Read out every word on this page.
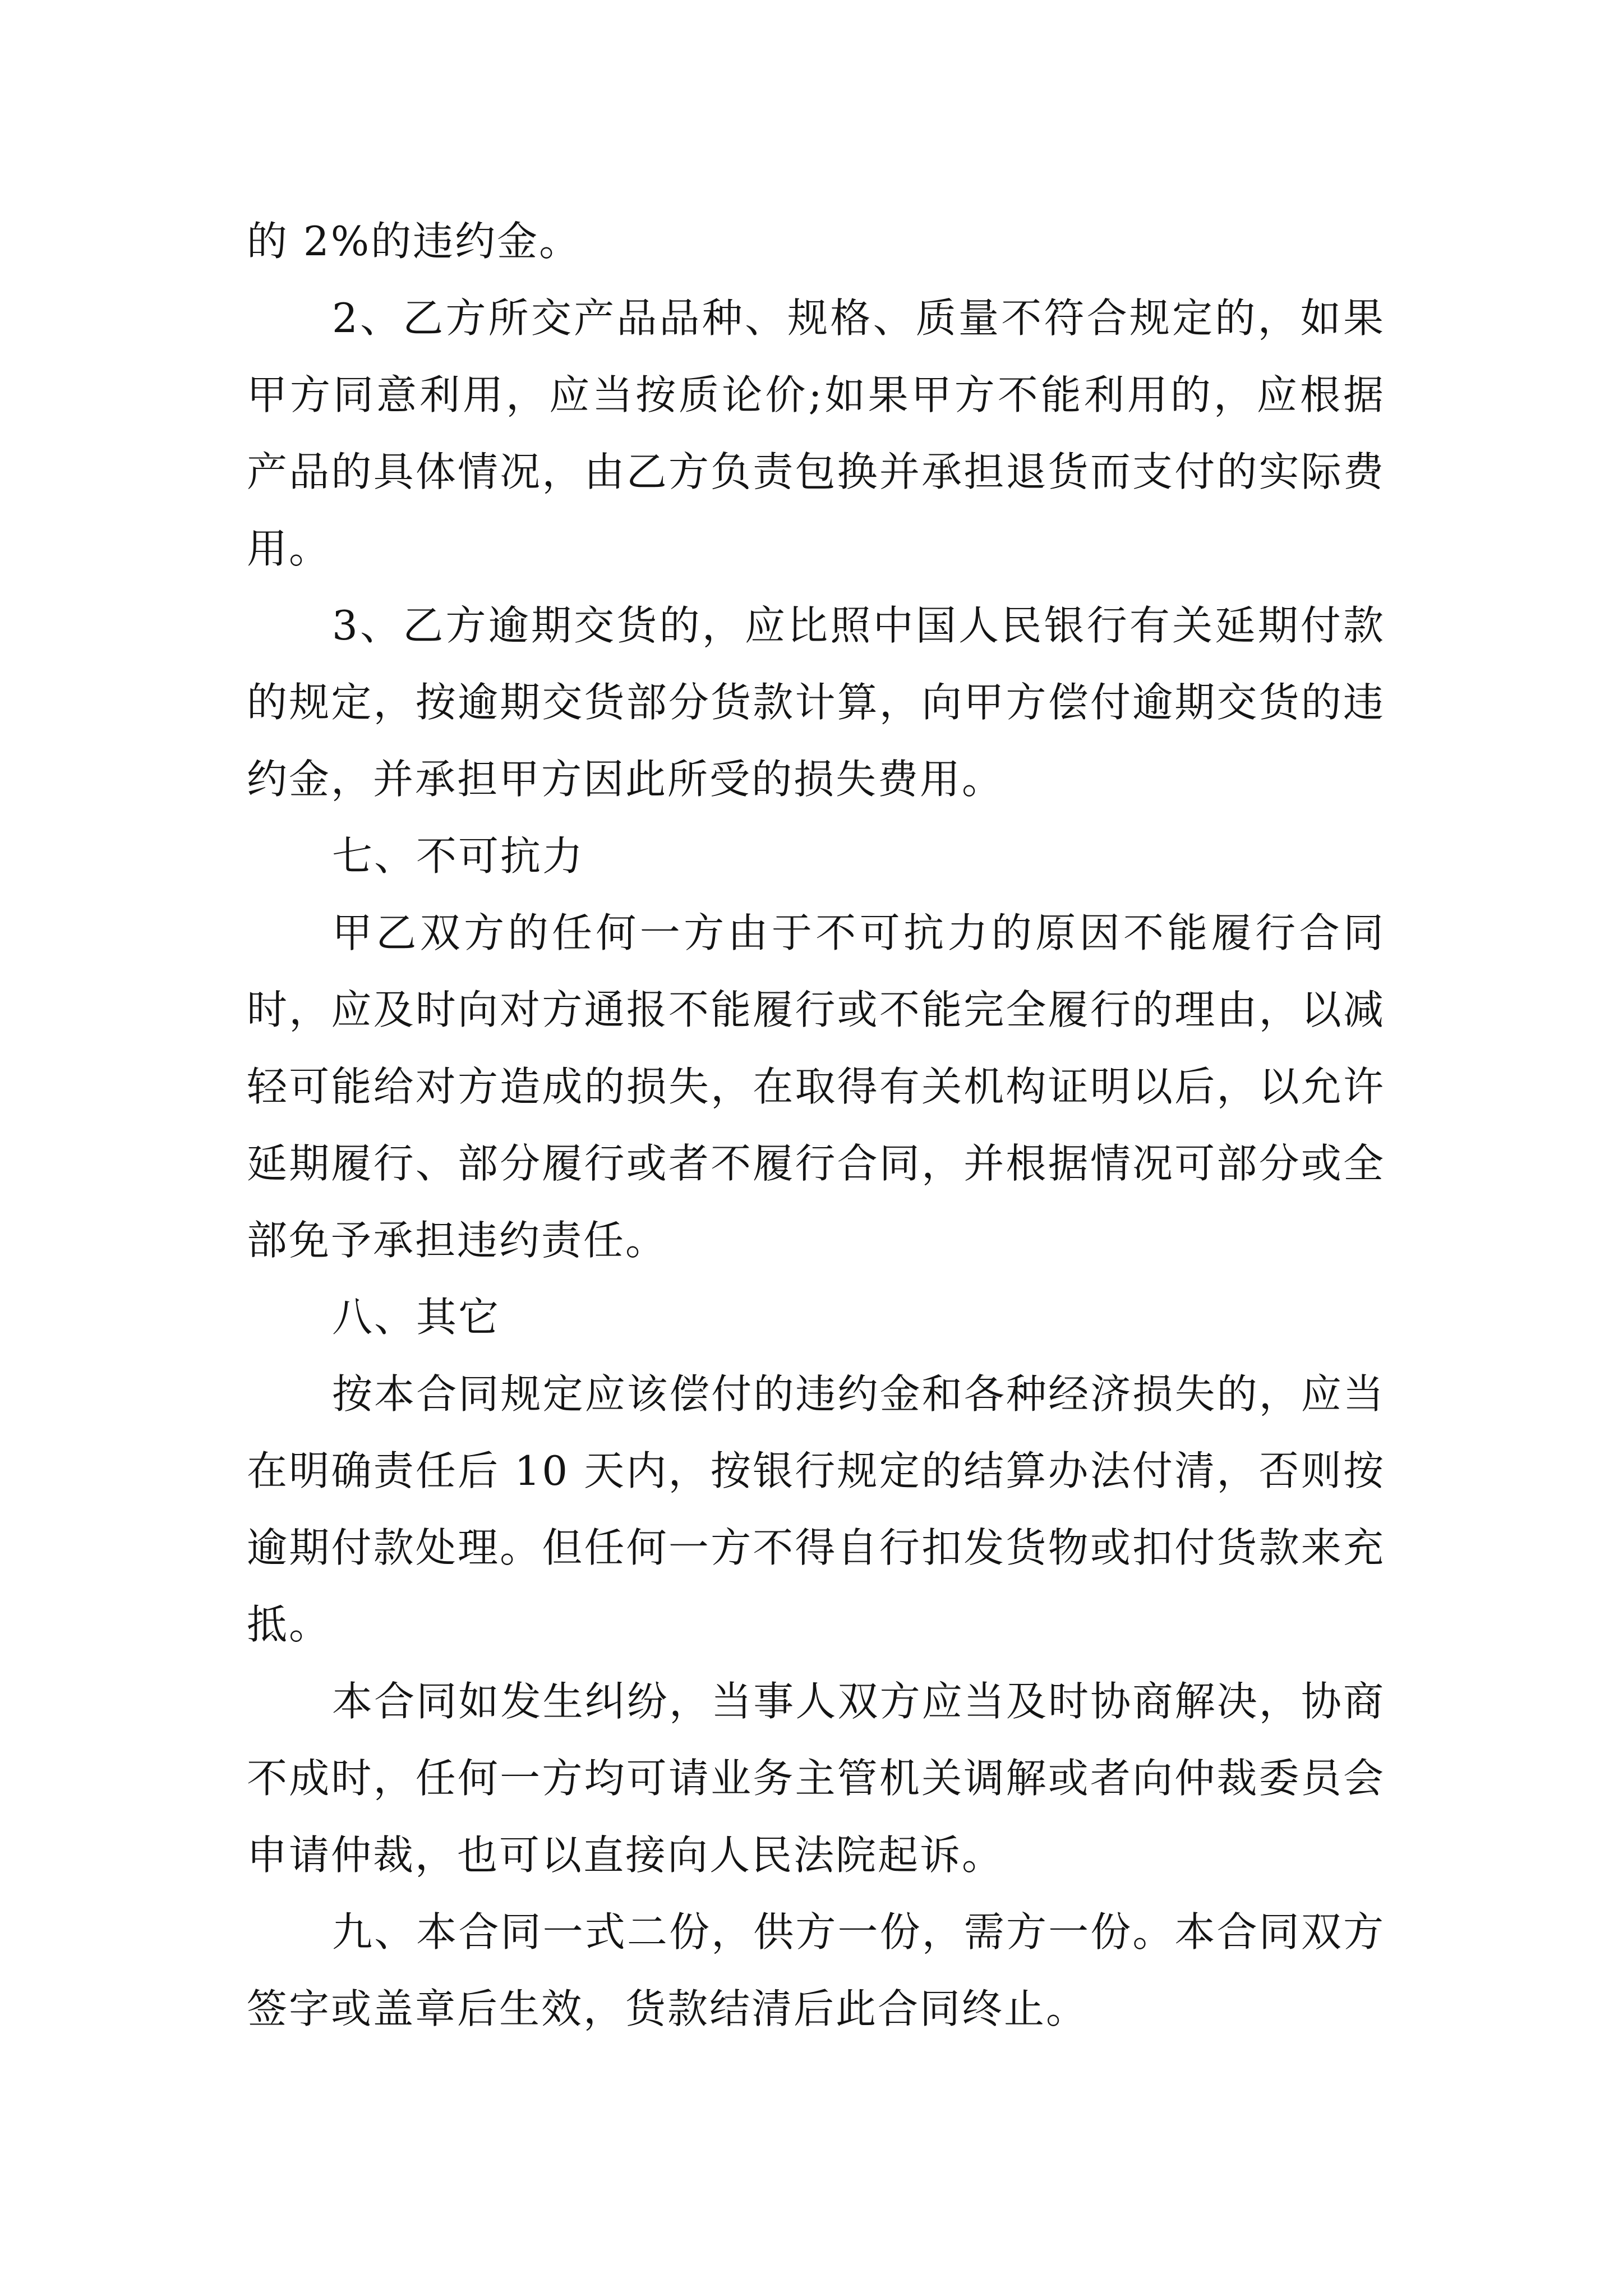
的 2%的违约金。

2、乙方所交产品品种、规格、质量不符合规定的，如果甲方同意利用，应当按质论价;如果甲方不能利用的，应根据产品的具体情况，由乙方负责包换并承担退货而支付的实际费用。

3、乙方逾期交货的，应比照中国人民银行有关延期付款的规定，按逾期交货部分货款计算，向甲方偿付逾期交货的违约金，并承担甲方因此所受的损失费用。

七、不可抗力

甲乙双方的任何一方由于不可抗力的原因不能履行合同时，应及时向对方通报不能履行或不能完全履行的理由，以减轻可能给对方造成的损失，在取得有关机构证明以后，以允许延期履行、部分履行或者不履行合同，并根据情况可部分或全部免予承担违约责任。

八、其它

按本合同规定应该偿付的违约金和各种经济损失的，应当在明确责任后 10 天内，按银行规定的结算办法付清，否则按逾期付款处理。但任何一方不得自行扣发货物或扣付货款来充抵。

本合同如发生纠纷，当事人双方应当及时协商解决，协商不成时，任何一方均可请业务主管机关调解或者向仲裁委员会申请仲裁，也可以直接向人民法院起诉。

九、本合同一式二份，供方一份，需方一份。本合同双方签字或盖章后生效，货款结清后此合同终止。
